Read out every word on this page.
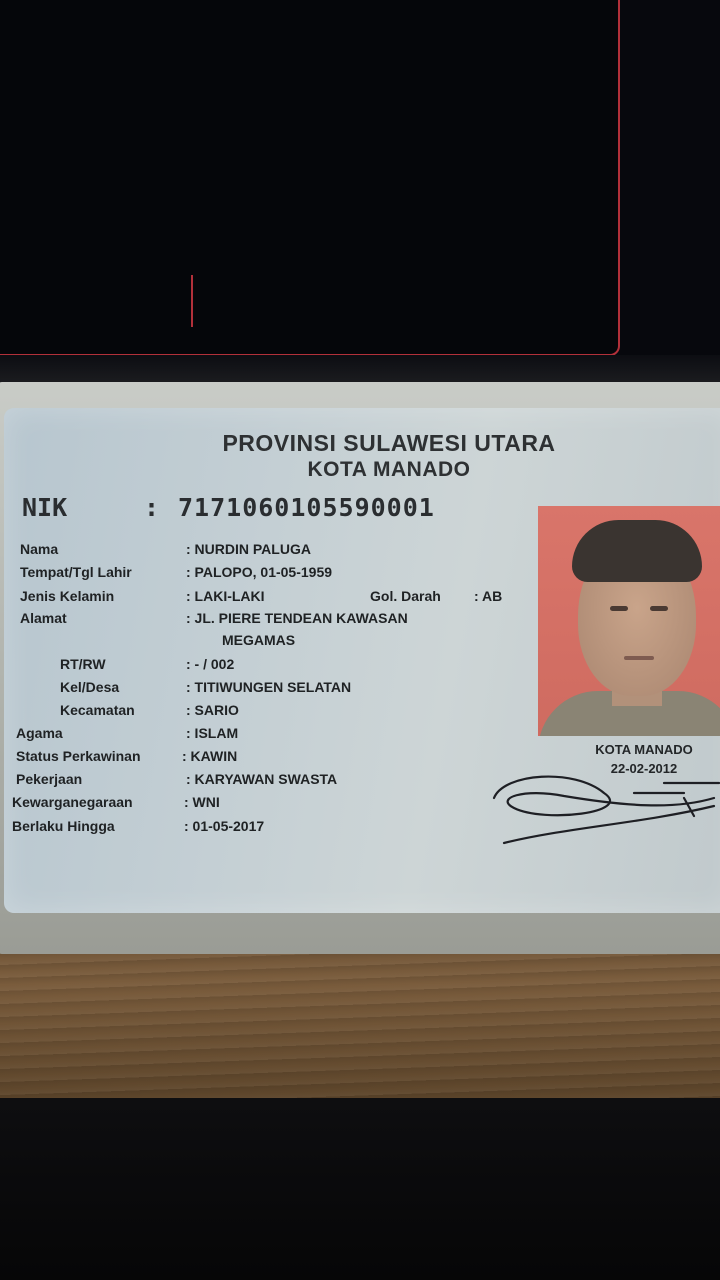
PROVINSI SULAWESI UTARA
KOTA MANADO
NIK	: 7171060105590001
Nama	: NURDIN PALUGA
Tempat/Tgl Lahir	: PALOPO, 01-05-1959
Jenis Kelamin	: LAKI-LAKI	Gol. Darah : AB
Alamat	: JL. PIERE TENDEAN KAWASAN
MEGAMAS
RT/RW	: - / 002
Kel/Desa	: TITIWUNGEN SELATAN
Kecamatan	: SARIO
Agama	: ISLAM
Status Perkawinan	: KAWIN
Pekerjaan	: KARYAWAN SWASTA
Kewarganegaraan	: WNI
Berlaku Hingga	: 01-05-2017
KOTA MANADO
22-02-2012
